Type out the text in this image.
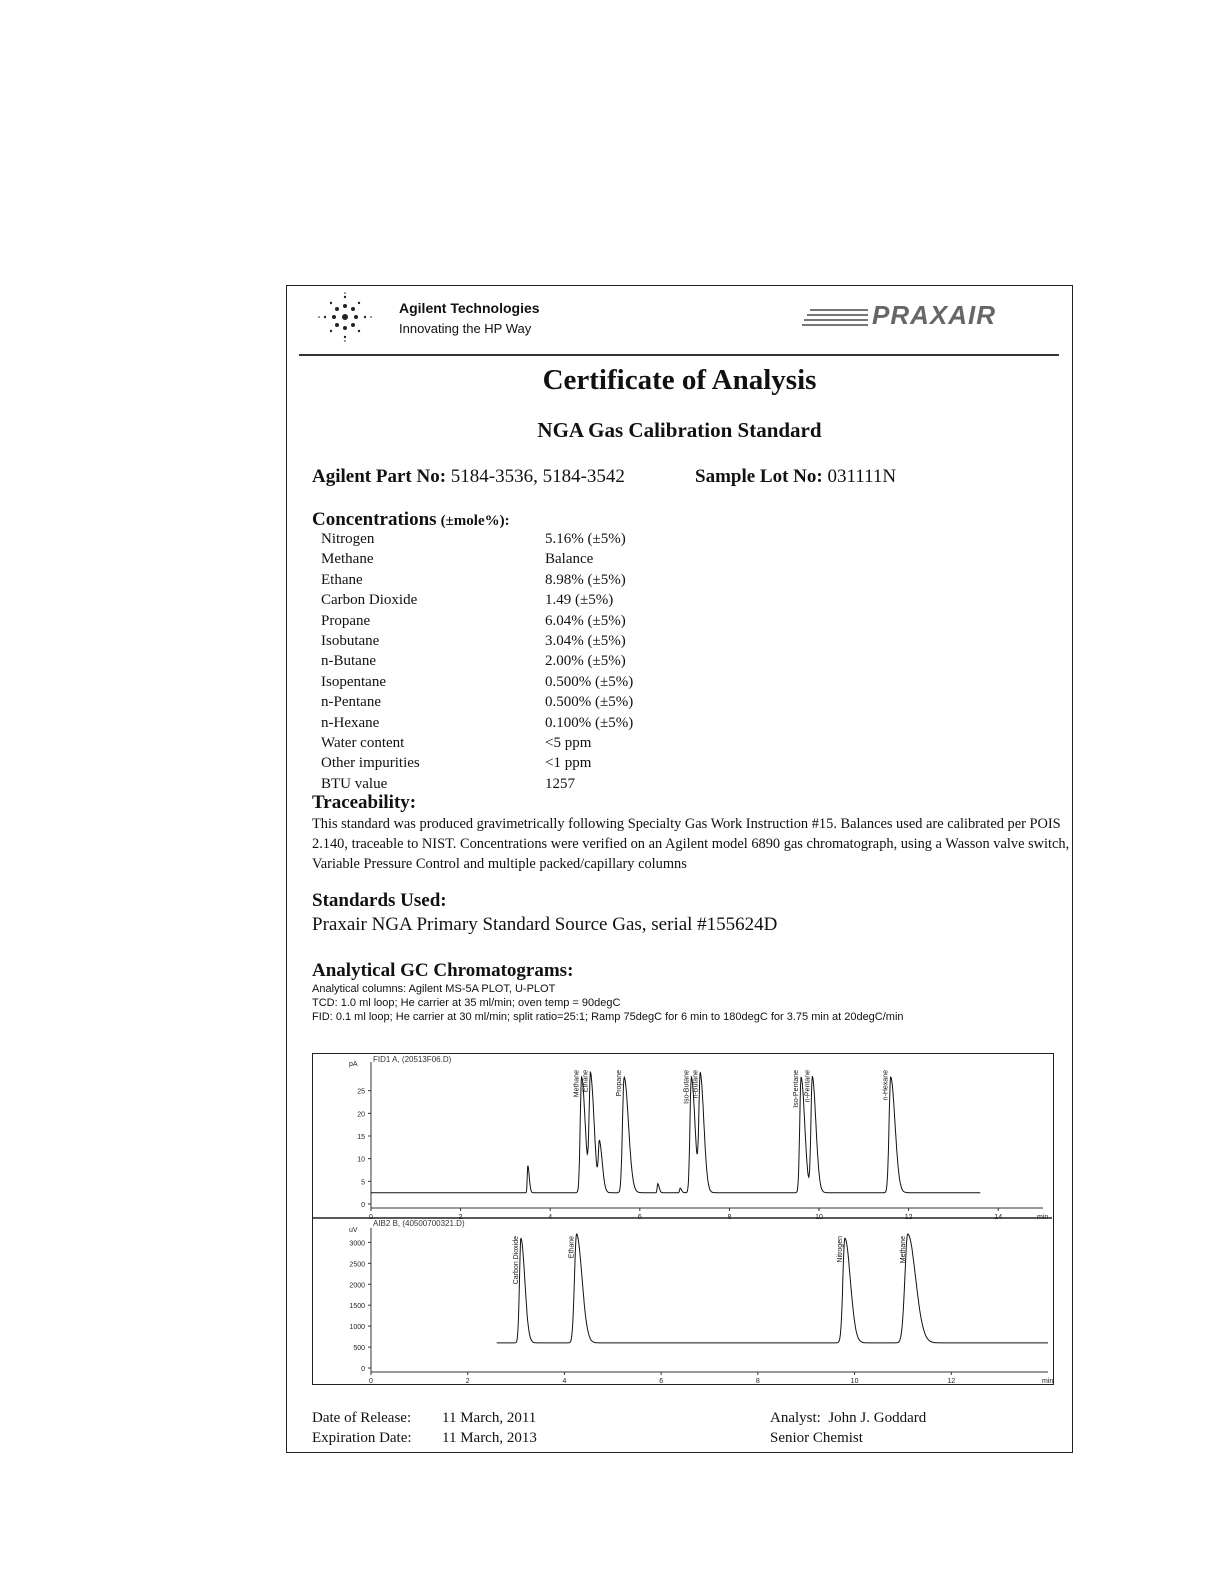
Agilent Technologies
Innovating the HP Way	PRAXAIR
Certificate of Analysis
NGA Gas Calibration Standard
Agilent Part No: 5184-3536, 5184-3542	Sample Lot No: 031111N
Concentrations (±mole%):
Nitrogen	5.16% (±5%)
Methane	Balance
Ethane	8.98% (±5%)
Carbon Dioxide	1.49 (±5%)
Propane	6.04% (±5%)
Isobutane	3.04% (±5%)
n-Butane	2.00% (±5%)
Isopentane	0.500% (±5%)
n-Pentane	0.500% (±5%)
n-Hexane	0.100% (±5%)
Water content	<5 ppm
Other impurities	<1 ppm
BTU value	1257
Traceability:
This standard was produced gravimetrically following Specialty Gas Work Instruction #15. Balances used are calibrated per POIS 2.140, traceable to NIST. Concentrations were verified on an Agilent model 6890 gas chromatograph, using a Wasson valve switch, Variable Pressure Control and multiple packed/capillary columns
Standards Used:
Praxair NGA Primary Standard Source Gas, serial #155624D
Analytical GC Chromatograms:
Analytical columns: Agilent MS-5A PLOT, U-PLOT
TCD: 1.0 ml loop; He carrier at 35 ml/min; oven temp = 90degC
FID: 0.1 ml loop; He carrier at 30 ml/min; split ratio=25:1; Ramp 75degC for 6 min to 180degC for 3.75 min at 20degC/min
FID1 A, (20513F06.D)
pA
0
5
10
15
20
25
0	2	4	6	8	10	12	14	min
Methane Ethane	Propane	Iso-Butane n-Butane	Iso-Pentane n-Pentane	n-Hexane
AIB2 B, (40500700321.D)
uV
0
500
1000
1500
2000
2500
3000
0	2	4	6	8	10	12	min
Carbon Dioxide	Ethane	Nitrogen	Methane
Date of Release: 11 March, 2011
Expiration Date: 11 March, 2013
Analyst: John J. Goddard
Senior Chemist
